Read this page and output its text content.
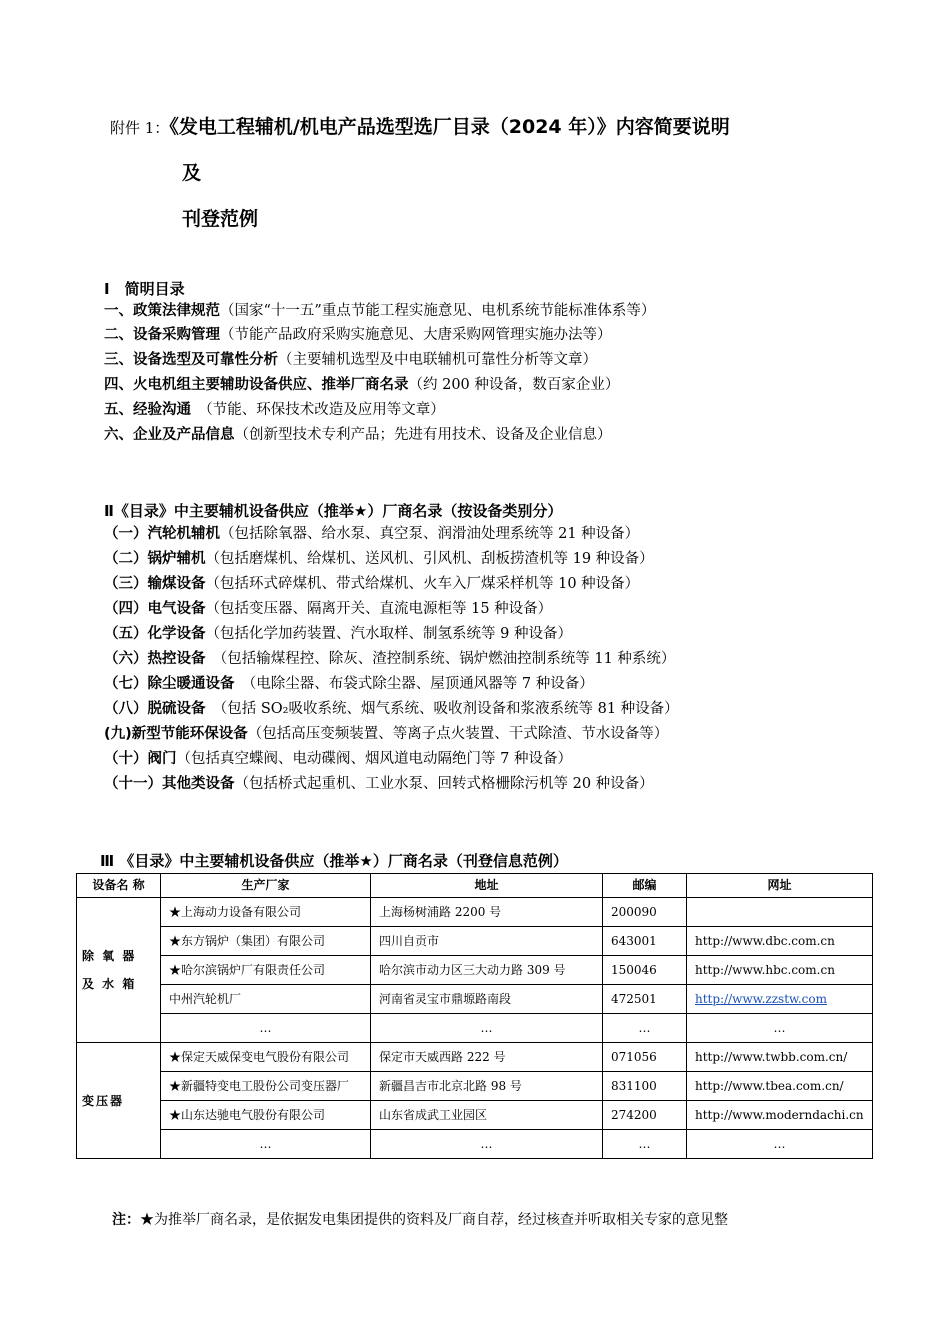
附件 1：《发电工程辅机/机电产品选型选厂目录（2024 年）》内容简要说明
及
刊登范例
Ⅰ　简明目录
一、政策法律规范（国家“十一五”重点节能工程实施意见、电机系统节能标准体系等）
二、设备采购管理（节能产品政府采购实施意见、大唐采购网管理实施办法等）
三、设备选型及可靠性分析（主要辅机选型及中电联辅机可靠性分析等文章）
四、火电机组主要辅助设备供应、推举厂商名录（约 200 种设备，数百家企业）
五、经验沟通　（节能、环保技术改造及应用等文章）
六、企业及产品信息（创新型技术专利产品；先进有用技术、设备及企业信息）
Ⅱ《目录》中主要辅机设备供应（推举★）厂商名录（按设备类别分）
（一）汽轮机辅机（包括除氧器、给水泵、真空泵、润滑油处理系统等 21 种设备）
（二）锅炉辅机（包括磨煤机、给煤机、送风机、引风机、刮板捞渣机等 19 种设备）
（三）输煤设备（包括环式碎煤机、带式给煤机、火车入厂煤采样机等 10 种设备）
（四）电气设备（包括变压器、隔离开关、直流电源柜等 15 种设备）
（五）化学设备（包括化学加药装置、汽水取样、制氢系统等 9 种设备）
（六）热控设备　（包括输煤程控、除灰、渣控制系统、锅炉燃油控制系统等 11 种系统）
（七）除尘暖通设备　（电除尘器、布袋式除尘器、屋顶通风器等 7 种设备）
（八）脱硫设备　（包括 SO₂吸收系统、烟气系统、吸收剂设备和浆液系统等 81 种设备）
(九)新型节能环保设备（包括高压变频装置、等离子点火装置、干式除渣、节水设备等）
（十）阀门（包括真空蝶阀、电动碟阀、烟风道电动隔绝门等 7 种设备）
（十一）其他类设备（包括桥式起重机、工业水泵、回转式格栅除污机等 20 种设备）
Ⅲ 《目录》中主要辅机设备供应（推举★）厂商名录（刊登信息范例）
设备名 称	生产厂家	地址	邮编	网址
除 氧 器 及 水 箱	★上海动力设备有限公司	上海杨树浦路 2200 号	200090	
	★东方锅炉（集团）有限公司	四川自贡市	643001	http://www.dbc.com.cn
	★哈尔滨锅炉厂有限责任公司	哈尔滨市动力区三大动力路 309 号	150046	http://www.hbc.com.cn
	中州汽轮机厂	河南省灵宝市鼎塬路南段	472501	http://www.zzstw.com
	…	…	…	…
变压器	★保定天威保变电气股份有限公司	保定市天威西路 222 号	071056	http://www.twbb.com.cn/
	★新疆特变电工股份公司变压器厂	新疆昌吉市北京北路 98 号	831100	http://www.tbea.com.cn/
	★山东达驰电气股份有限公司	山东省成武工业园区	274200	http://www.moderndachi.cn
	…	…	…	…
注：★为推举厂商名录，是依据发电集团提供的资料及厂商自荐，经过核查并听取相关专家的意见整
